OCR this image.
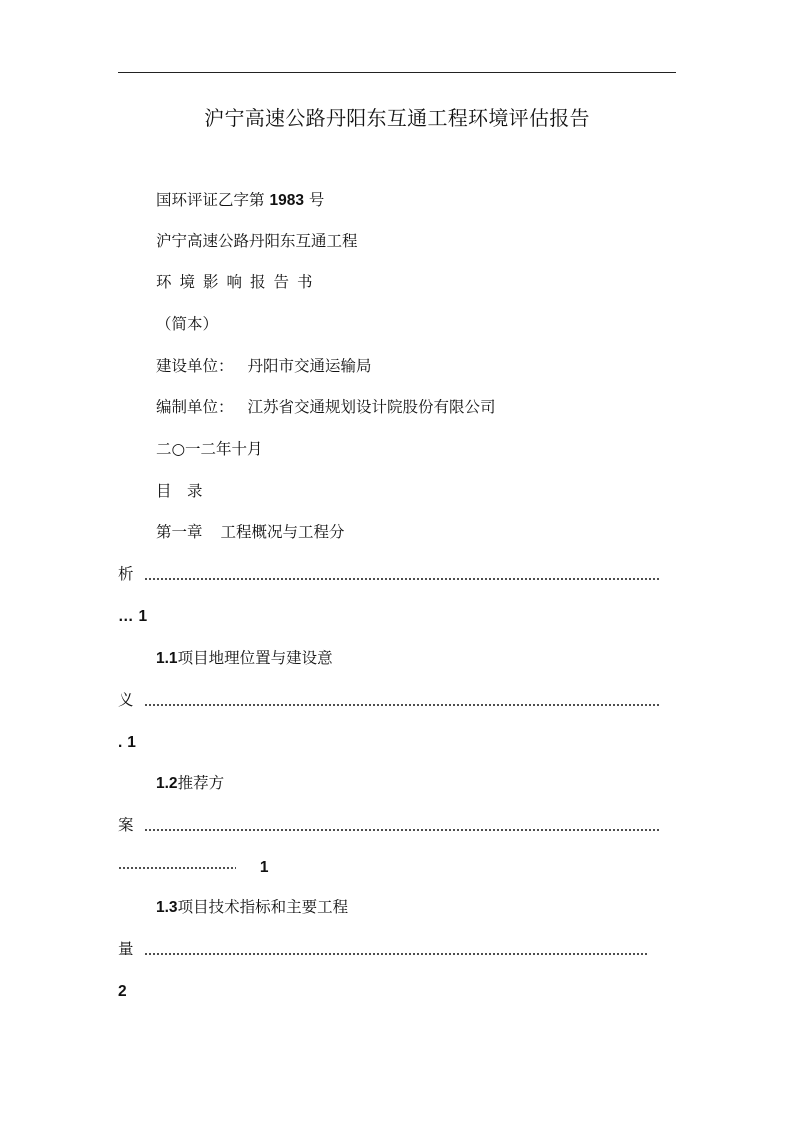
沪宁高速公路丹阳东互通工程环境评估报告
国环评证乙字第 1983 号
沪宁高速公路丹阳东互通工程
环境影响报告书
（简本）
建设单位： 丹阳市交通运输局
编制单位： 江苏省交通规划设计院股份有限公司
二○一二年十月
目　录
第一章 工程概况与工程分
析
… 1
1.1项目地理位置与建设意
义
. 1
1.2推荐方
案
1
1.3项目技术指标和主要工程
量
2
